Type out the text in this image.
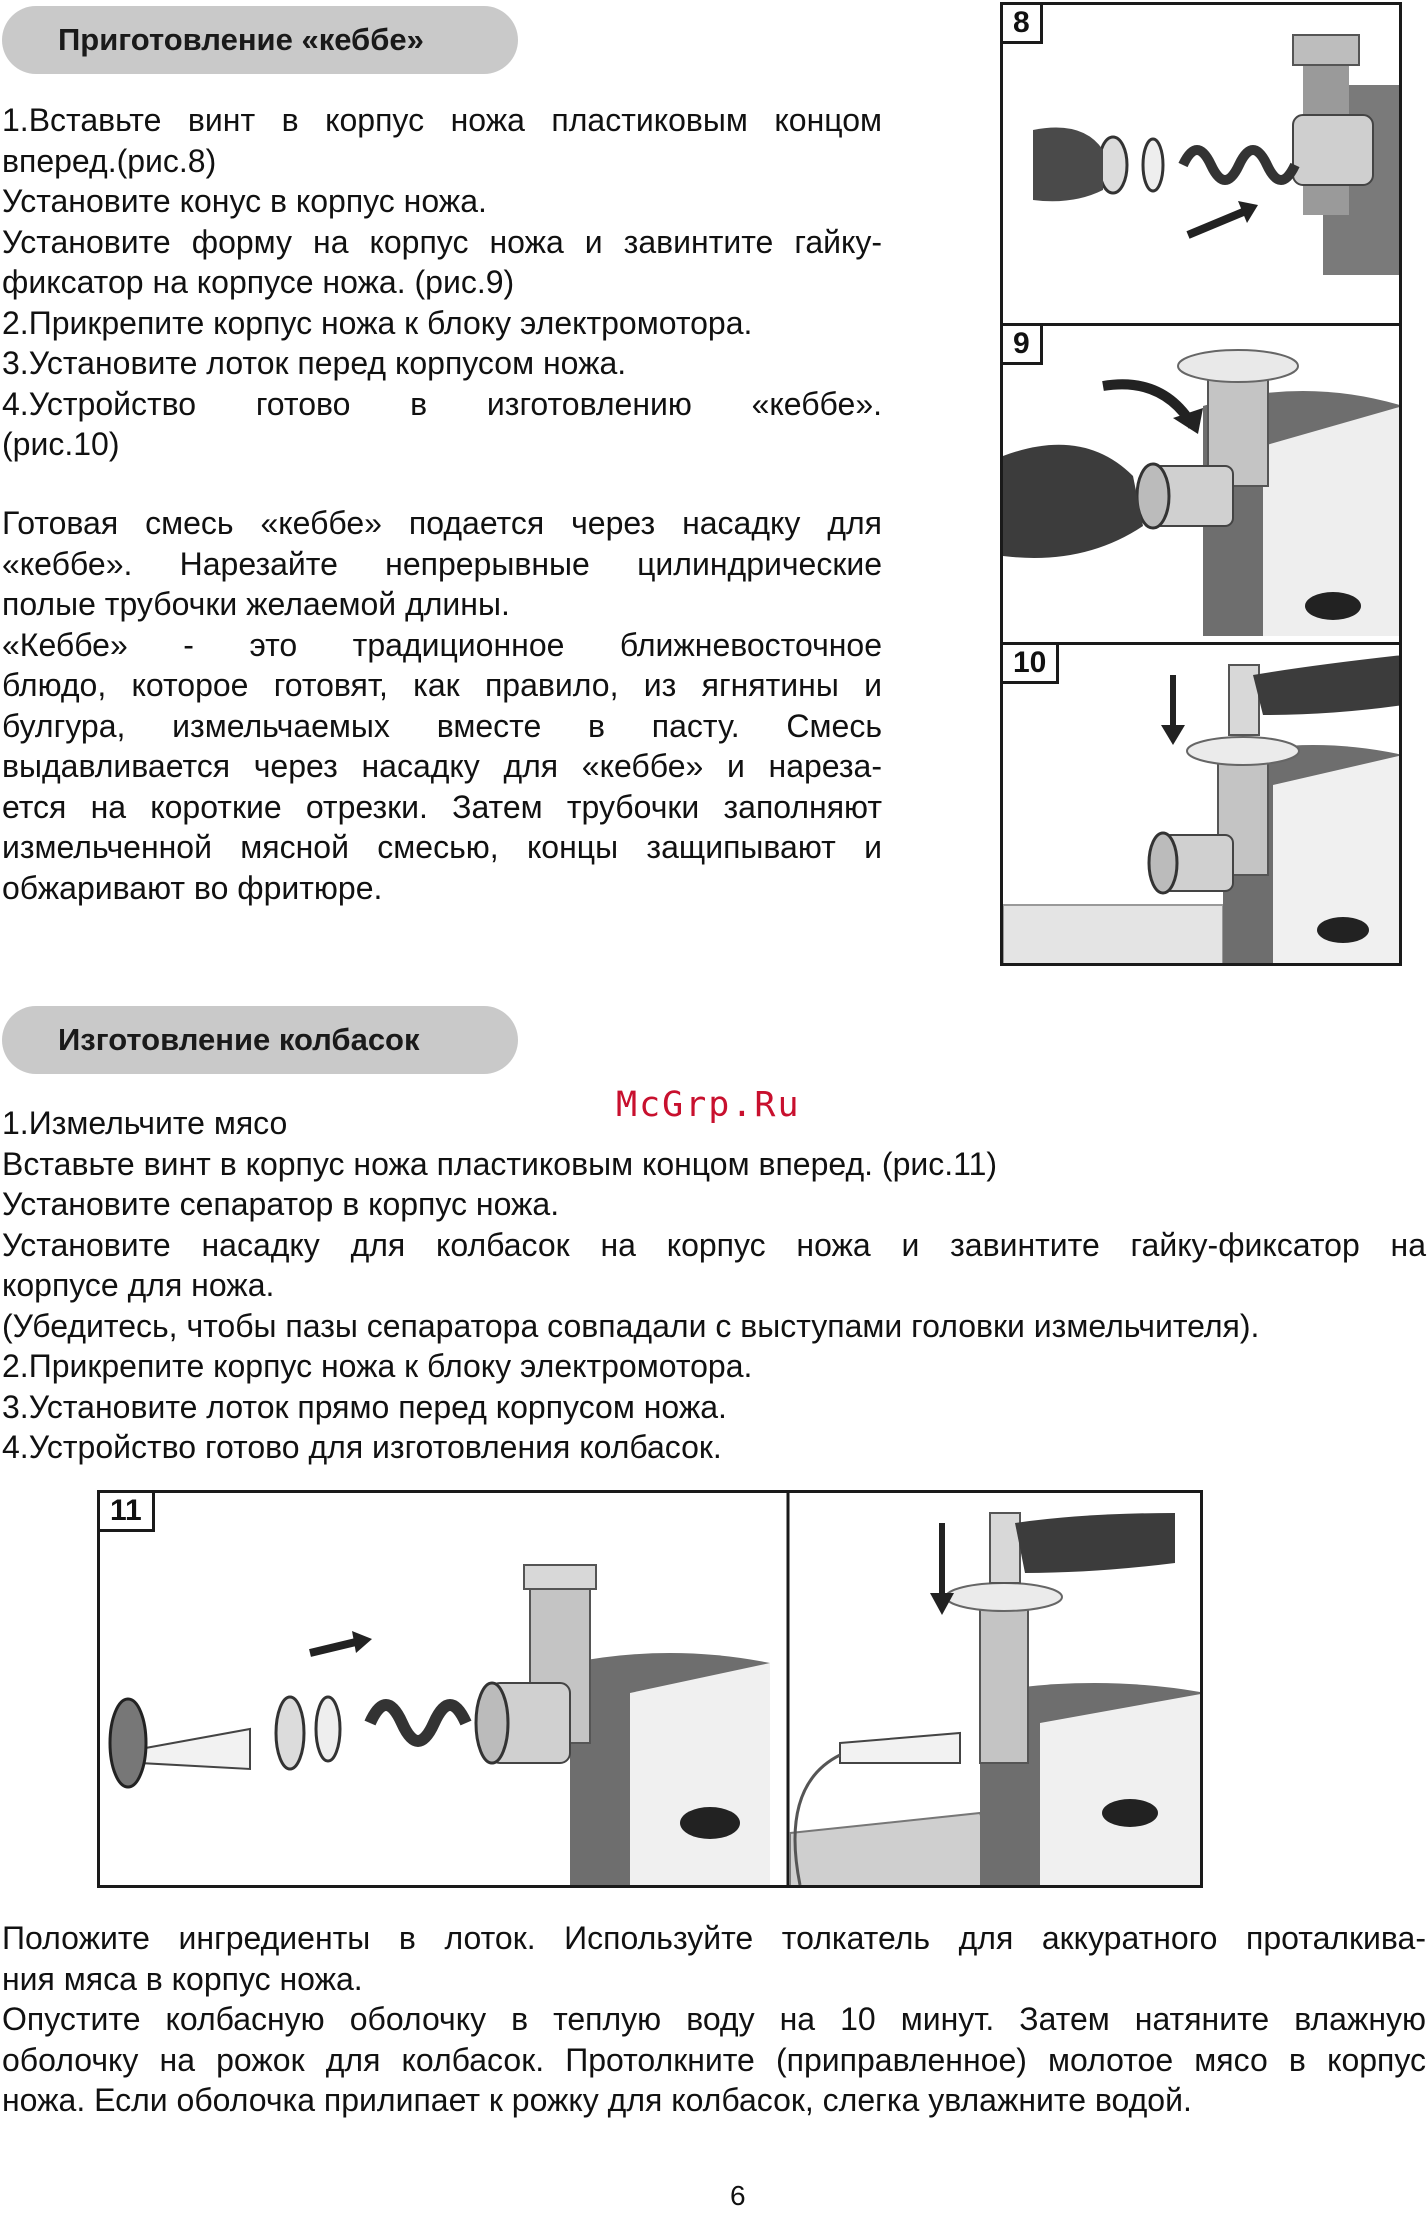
Приготовление «кеббе»

1.Вставьте винт в корпус ножа пластиковым концом

вперед.(рис.8)

Установите конус в корпус ножа.

Установите форму на корпус ножа и завинтите гайку-

фиксатор на корпусе ножа. (рис.9)

2.Прикрепите корпус ножа к блоку электромотора.

3.Установите лоток перед корпусом ножа.

4.Устройство готово в изготовлению «кеббе».

(рис.10)

Готовая смесь «кеббе» подается через насадку для

«кеббе». Нарезайте непрерывные цилиндрические

полые трубочки желаемой длины.

«Кеббе» - это традиционное ближневосточное

блюдо, которое готовят, как правило, из ягнятины и

булгура, измельчаемых вместе в пасту. Смесь

выдавливается через насадку для «кеббе» и нареза-

ется на короткие отрезки. Затем трубочки заполняют

измельченной мясной смесью, концы защипывают и

обжаривают во фритюре.

8
9
10
Изготовление колбасок
McGrp.Ru

1.Измельчите мясо

Вставьте винт в корпус ножа пластиковым концом вперед. (рис.11)

Установите сепаратор в корпус ножа.

Установите насадку для колбасок на корпус ножа и завинтите гайку-фиксатор на

корпусе для ножа.

(Убедитесь, чтобы пазы сепаратора совпадали с выступами головки измельчителя).

2.Прикрепите корпус ножа к блоку электромотора.

3.Установите лоток прямо перед корпусом ножа.

4.Устройство готово для изготовления колбасок.

11

Положите ингредиенты в лоток. Используйте толкатель для аккуратного проталкива-

ния мяса в корпус ножа.

Опустите колбасную оболочку в теплую воду на 10 минут. Затем натяните влажную

оболочку на рожок для колбасок. Протолкните (приправленное) молотое мясо в корпус

ножа. Если оболочка прилипает к рожку для колбасок, слегка увлажните водой.

6
